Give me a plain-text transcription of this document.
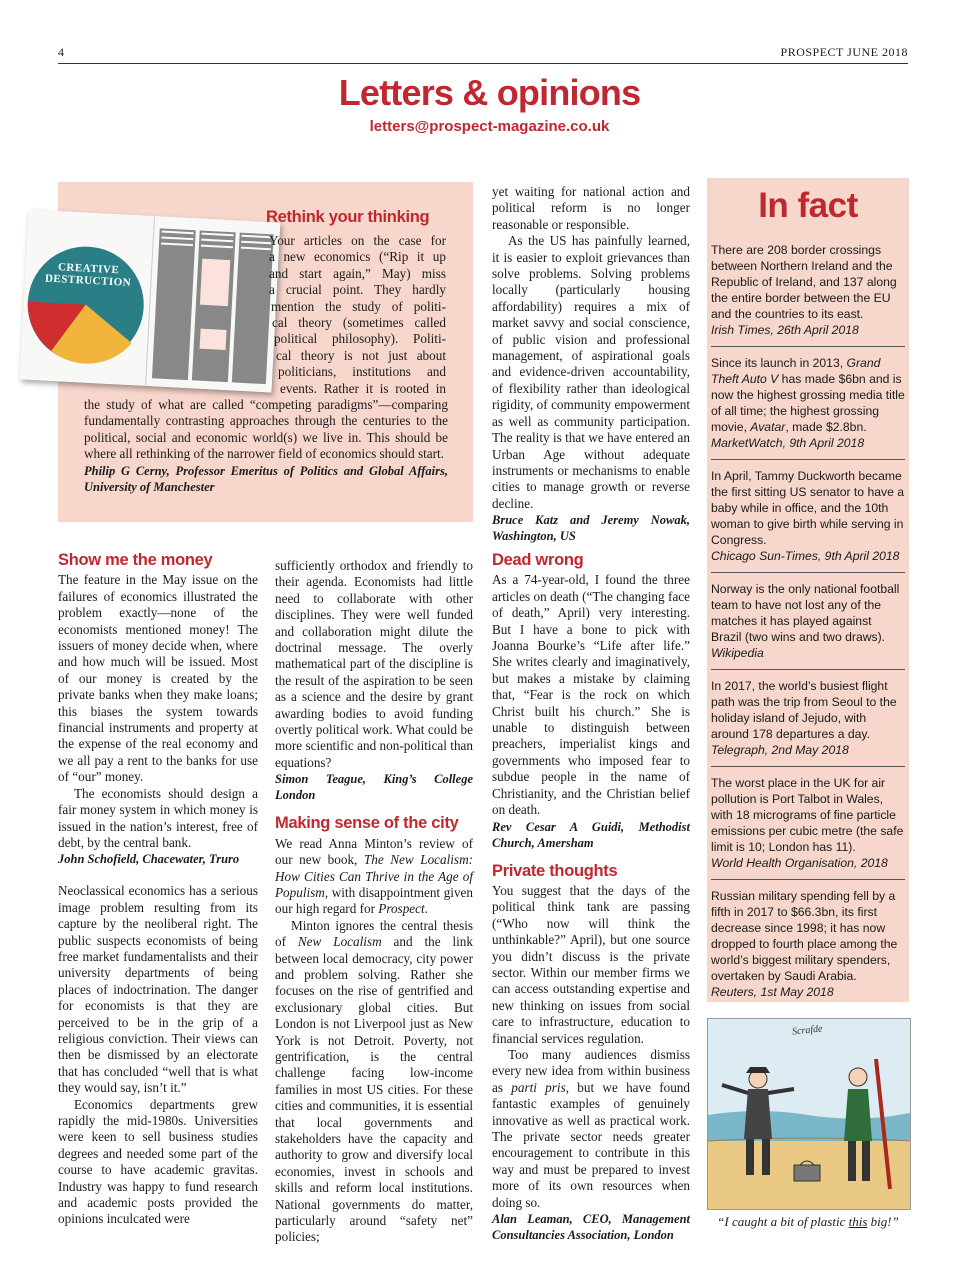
4	PROSPECT JUNE 2018
Letters & opinions
letters@prospect-magazine.co.uk
CREATIVE DESTRUCTION
Rethink your thinking
Your articles on the case for
a new economics (“Rip it up
and start again,” May) miss
a crucial point. They hardly
mention the study of politi-
cal theory (sometimes called
political philosophy). Politi-
cal theory is not just about
politicians, institutions and
events. Rather it is rooted in

the study of what are called “competing paradigms”—comparing fundamentally contrasting approaches through the centuries to the political, social and economic world(s) we live in. This should be where all rethinking of the narrower field of economics should start.

Philip G Cerny, Professor Emeritus of Politics and Global Affairs, University of Manchester

yet waiting for national action and political reform is no longer reasonable or responsible.

As the US has painfully learned, it is easier to exploit grievances than solve problems. Solving problems locally (particularly housing affordability) requires a mix of market savvy and social conscience, of public vision and professional management, of aspirational goals and evidence-driven accountability, of flexibility rather than ideological rigidity, of community empowerment as well as community participation. The reality is that we have entered an Urban Age without adequate instruments or mechanisms to enable cities to manage growth or reverse decline.

Bruce Katz and Jeremy Nowak, Washington, US

Show me the money

The feature in the May issue on the failures of economics illustrated the problem exactly—none of the economists mentioned money! The issuers of money decide when, where and how much will be issued. Most of our money is created by the private banks when they make loans; this biases the system towards financial instruments and property at the expense of the real economy and we all pay a rent to the banks for use of “our” money.

The economists should design a fair money system in which money is issued in the nation’s interest, free of debt, by the central bank.

John Schofield, Chacewater, Truro

Neoclassical economics has a serious image problem resulting from its capture by the neoliberal right. The public suspects economists of being free market fundamentalists and their university departments of being places of indoctrination. The danger for economists is that they are perceived to be in the grip of a religious conviction. Their views can then be dismissed by an electorate that has concluded “well that is what they would say, isn’t it.”

Economics departments grew rapidly the mid-1980s. Universities were keen to sell business studies degrees and needed some part of the course to have academic gravitas. Industry was happy to fund research and academic posts provided the opinions inculcated were

sufficiently orthodox and friendly to their agenda. Economists had little need to collaborate with other disciplines. They were well funded and collaboration might dilute the doctrinal message. The overly mathematical part of the discipline is the result of the aspiration to be seen as a science and the desire by grant awarding bodies to avoid funding overtly political work. What could be more scientific and non-political than equations?

Simon Teague, King’s College London

Making sense of the city

We read Anna Minton’s review of our new book, The New Localism: How Cities Can Thrive in the Age of Populism, with disappointment given our high regard for Prospect.

Minton ignores the central thesis of New Localism and the link between local democracy, city power and problem solving. Rather she focuses on the rise of gentrified and exclusionary global cities. But London is not Liverpool just as New York is not Detroit. Poverty, not gentrification, is the central challenge facing low-income families in most US cities. For these cities and communities, it is essential that local governments and stakeholders have the capacity and authority to grow and diversify local economies, invest in schools and skills and reform local institutions. National governments do matter, particularly around “safety net” policies;

Dead wrong

As a 74-year-old, I found the three articles on death (“The changing face of death,” April) very interesting. But I have a bone to pick with Joanna Bourke’s “Life after life.” She writes clearly and imaginatively, but makes a mistake by claiming that, “Fear is the rock on which Christ built his church.” She is unable to distinguish between preachers, imperialist kings and governments who imposed fear to subdue people in the name of Christianity, and the Christian belief on death.

Rev Cesar A Guidi, Methodist Church, Amersham

Private thoughts

You suggest that the days of the political think tank are passing (“Who now will think the unthinkable?” April), but one source you didn’t discuss is the private sector. Within our member firms we can access outstanding expertise and new thinking on issues from social care to infrastructure, education to financial services regulation.

Too many audiences dismiss every new idea from within business as parti pris, but we have found fantastic examples of genuinely innovative as well as practical work. The private sector needs greater encouragement to contribute in this way and must be prepared to invest more of its own resources when doing so.

Alan Leaman, CEO, Management Consultancies Association, London

In fact
There are 208 border crossings between Northern Ireland and the Republic of Ireland, and 137 along the entire border between the EU and the countries to its east.
Irish Times, 26th April 2018
Since its launch in 2013, Grand Theft Auto V has made $6bn and is now the highest grossing media title of all time; the highest grossing movie, Avatar, made $2.8bn.
MarketWatch, 9th April 2018
In April, Tammy Duckworth became the first sitting US senator to have a baby while in office, and the 10th woman to give birth while serving in Congress.
Chicago Sun-Times, 9th April 2018
Norway is the only national football team to have not lost any of the matches it has played against Brazil (two wins and two draws).
Wikipedia
In 2017, the world’s busiest flight path was the trip from Seoul to the holiday island of Jejudo, with around 178 departures a day.
Telegraph, 2nd May 2018
The worst place in the UK for air pollution is Port Talbot in Wales, with 18 micrograms of fine particle emissions per cubic metre (the safe limit is 10; London has 11).
World Health Organisation, 2018
Russian military spending fell by a fifth in 2017 to $66.3bn, its first decrease since 1998; it has now dropped to fourth place among the world’s biggest military spenders, overtaken by Saudi Arabia.
Reuters, 1st May 2018
Scrafde
“I caught a bit of plastic this big!”
